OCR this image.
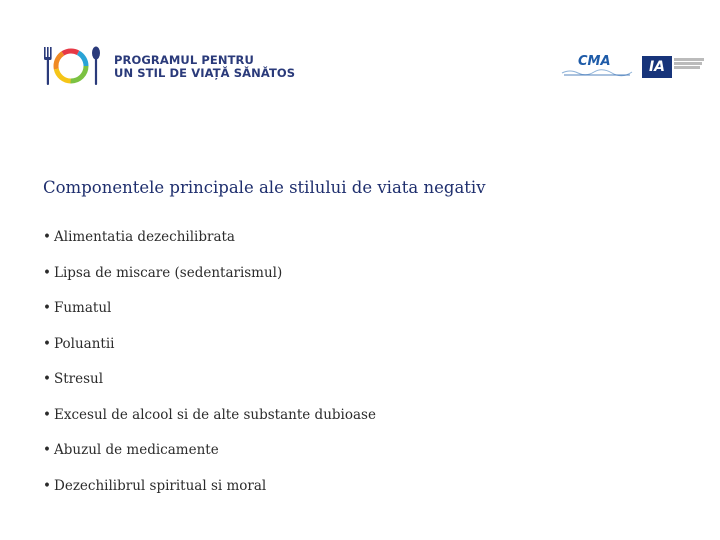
PROGRAMUL PENTRU
UN STIL DE VIAȚĂ SĂNĂTOS
CMA	IA
Componentele principale ale stilului de viata negativ
• Alimentatia dezechilibrata
• Lipsa de miscare (sedentarismul)
• Fumatul
• Poluantii
• Stresul
• Excesul de alcool si de alte substante dubioase
• Abuzul de medicamente
• Dezechilibrul spiritual si moral
